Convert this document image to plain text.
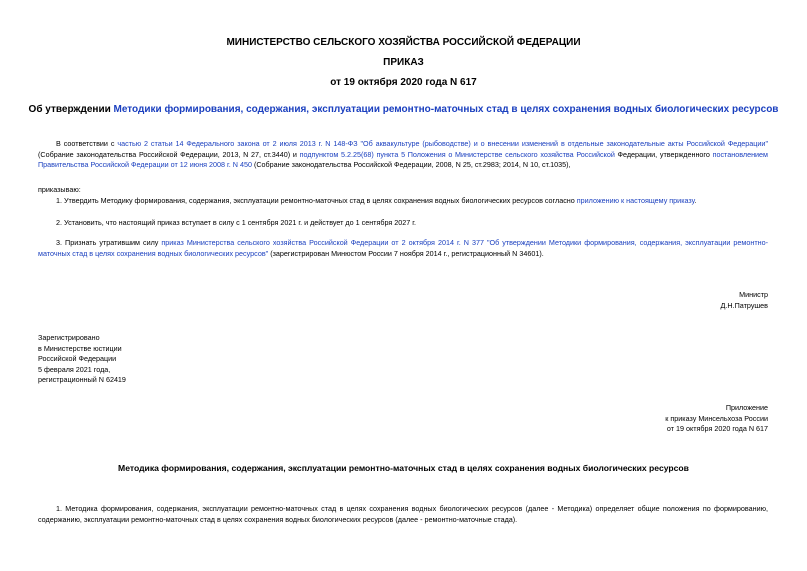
МИНИСТЕРСТВО СЕЛЬСКОГО ХОЗЯЙСТВА РОССИЙСКОЙ ФЕДЕРАЦИИ
ПРИКАЗ
от 19 октября 2020 года N 617
Об утверждении Методики формирования, содержания, эксплуатации ремонтно-маточных стад в целях сохранения водных биологических ресурсов
В соответствии с частью 2 статьи 14 Федерального закона от 2 июля 2013 г. N 148-ФЗ "Об аквакультуре (рыбоводстве) и о внесении изменений в отдельные законодательные акты Российской Федерации" (Собрание законодательства Российской Федерации, 2013, N 27, ст.3440) и подпунктом 5.2.25(68) пункта 5 Положения о Министерстве сельского хозяйства Российской Федерации, утвержденного постановлением Правительства Российской Федерации от 12 июня 2008 г. N 450 (Собрание законодательства Российской Федерации, 2008, N 25, ст.2983; 2014, N 10, ст.1035),
приказываю:
1. Утвердить Методику формирования, содержания, эксплуатации ремонтно-маточных стад в целях сохранения водных биологических ресурсов согласно приложению к настоящему приказу.
2. Установить, что настоящий приказ вступает в силу с 1 сентября 2021 г. и действует до 1 сентября 2027 г.
3. Признать утратившим силу приказ Министерства сельского хозяйства Российской Федерации от 2 октября 2014 г. N 377 "Об утверждении Методики формирования, содержания, эксплуатации ремонтно-маточных стад в целях сохранения водных биологических ресурсов" (зарегистрирован Минюстом России 7 ноября 2014 г., регистрационный N 34601).
Министр
Д.Н.Патрушев
Зарегистрировано
в Министерстве юстиции
Российской Федерации
5 февраля 2021 года,
регистрационный N 62419
Приложение
к приказу Минсельхоза России
от 19 октября 2020 года N 617
Методика формирования, содержания, эксплуатации ремонтно-маточных стад в целях сохранения водных биологических ресурсов
1. Методика формирования, содержания, эксплуатации ремонтно-маточных стад в целях сохранения водных биологических ресурсов (далее - Методика) определяет общие положения по формированию, содержанию, эксплуатации ремонтно-маточных стад в целях сохранения водных биологических ресурсов (далее - ремонтно-маточные стада).
